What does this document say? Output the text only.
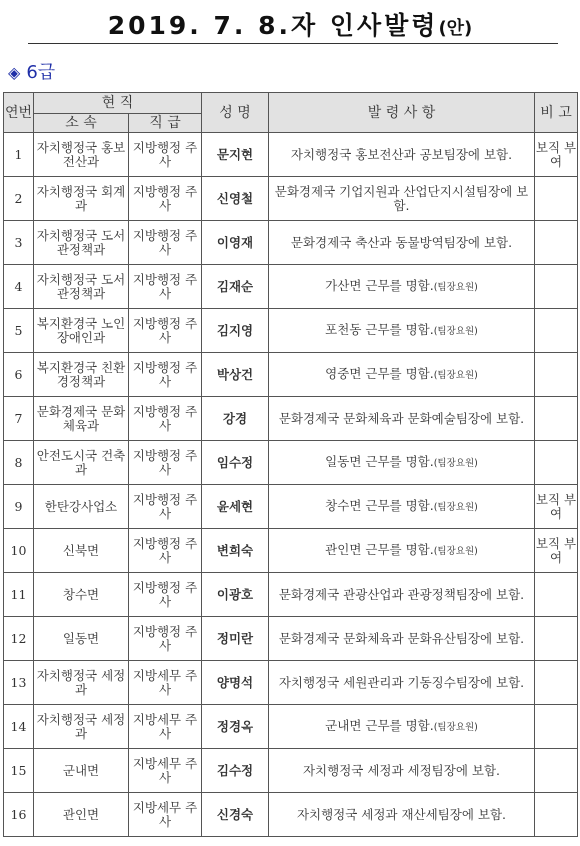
2019. 7. 8.자 인사발령(안)
◈ 6급
연번	현 직		성 명	발 령 사 항	비 고
	소 속	직 급			
1	자치행정국 홍보전산과	지방행정 주사	문지현	자치행정국 홍보전산과 공보팀장에 보함.	보직 부여
2	자치행정국 회계과	지방행정 주사	신영철	문화경제국 기업지원과 산업단지시설팀장에 보함.	
3	자치행정국 도서관정책과	지방행정 주사	이영재	문화경제국 축산과 동물방역팀장에 보함.	
4	자치행정국 도서관정책과	지방행정 주사	김재순	가산면 근무를 명함.(팀장요원)	
5	복지환경국 노인장애인과	지방행정 주사	김지영	포천동 근무를 명함.(팀장요원)	
6	복지환경국 친환경정책과	지방행정 주사	박상건	영중면 근무를 명함.(팀장요원)	
7	문화경제국 문화체육과	지방행정 주사	강경	문화경제국 문화체육과 문화예술팀장에 보함.	
8	안전도시국 건축과	지방행정 주사	임수정	일동면 근무를 명함.(팀장요원)	
9	한탄강사업소	지방행정 주사	윤세현	창수면 근무를 명함.(팀장요원)	보직 부여
10	신북면	지방행정 주사	변희숙	관인면 근무를 명함.(팀장요원)	보직 부여
11	창수면	지방행정 주사	이광호	문화경제국 관광산업과 관광정책팀장에 보함.	
12	일동면	지방행정 주사	정미란	문화경제국 문화체육과 문화유산팀장에 보함.	
13	자치행정국 세정과	지방세무 주사	양명석	자치행정국 세원관리과 기동징수팀장에 보함.	
14	자치행정국 세정과	지방세무 주사	정경옥	군내면 근무를 명함.(팀장요원)	
15	군내면	지방세무 주사	김수정	자치행정국 세정과 세정팀장에 보함.	
16	관인면	지방세무 주사	신경숙	자치행정국 세정과 재산세팀장에 보함.	
